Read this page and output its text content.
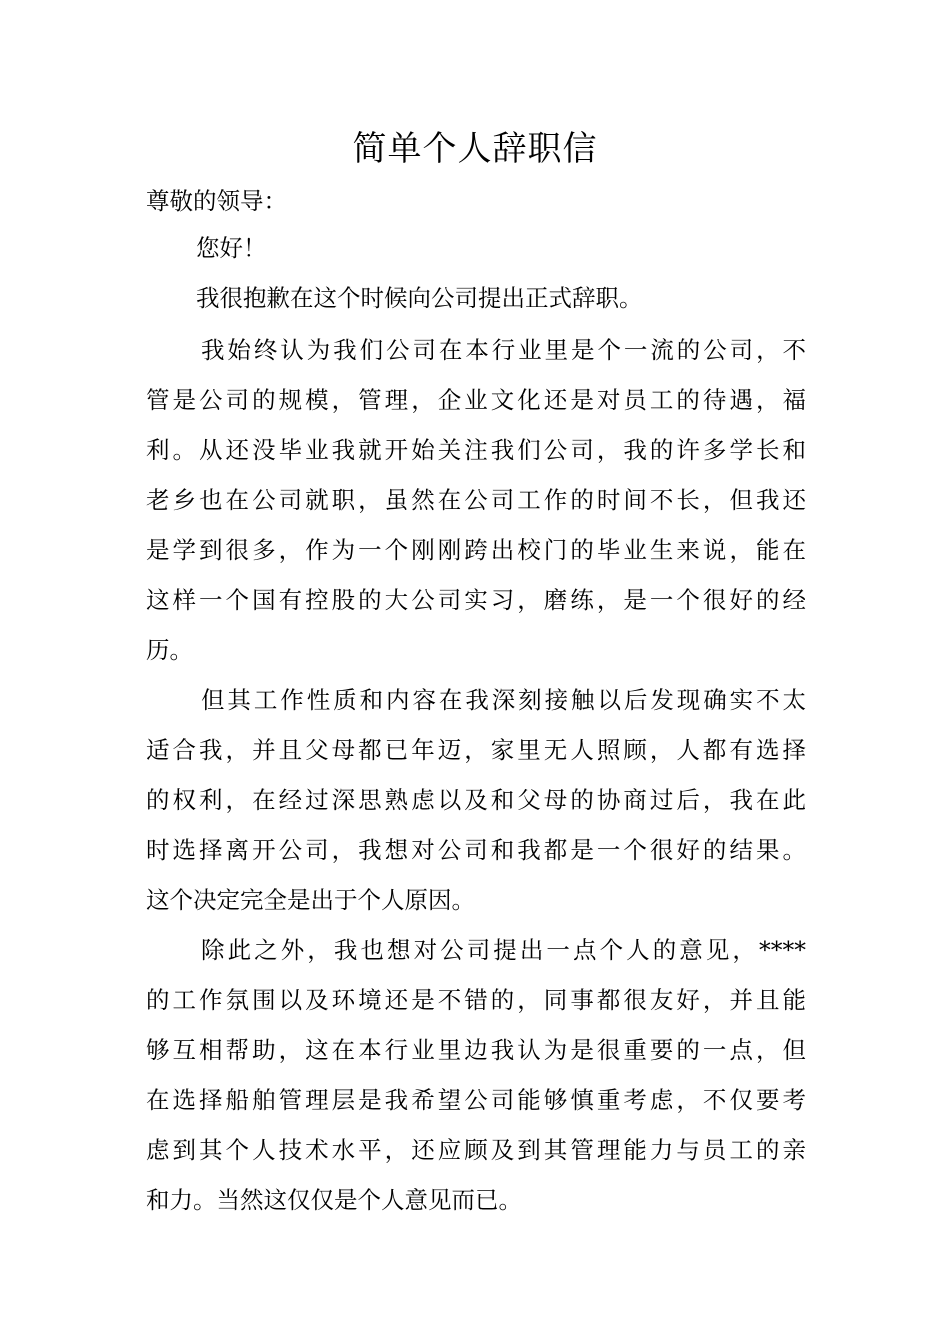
简单个人辞职信

尊敬的领导：

您好！

我很抱歉在这个时候向公司提出正式辞职。

我始终认为我们公司在本行业里是个一流的公司，不

管是公司的规模，管理，企业文化还是对员工的待遇，福

利。从还没毕业我就开始关注我们公司，我的许多学长和

老乡也在公司就职，虽然在公司工作的时间不长，但我还

是学到很多，作为一个刚刚跨出校门的毕业生来说，能在

这样一个国有控股的大公司实习，磨练，是一个很好的经

历。

但其工作性质和内容在我深刻接触以后发现确实不太

适合我，并且父母都已年迈，家里无人照顾，人都有选择

的权利，在经过深思熟虑以及和父母的协商过后，我在此

时选择离开公司，我想对公司和我都是一个很好的结果。

这个决定完全是出于个人原因。

除此之外，我也想对公司提出一点个人的意见，****

的工作氛围以及环境还是不错的，同事都很友好，并且能

够互相帮助，这在本行业里边我认为是很重要的一点，但

在选择船舶管理层是我希望公司能够慎重考虑，不仅要考

虑到其个人技术水平，还应顾及到其管理能力与员工的亲

和力。当然这仅仅是个人意见而已。
